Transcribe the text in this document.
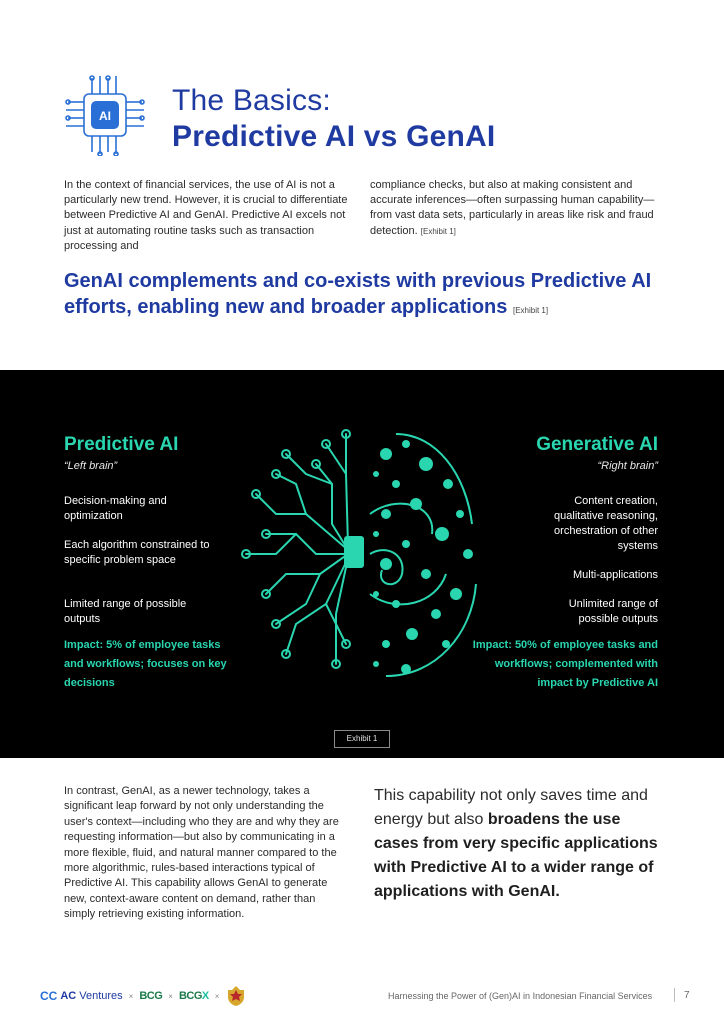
AI The Basics:
Predictive AI vs GenAI

In the context of financial services, the use of AI is not a particularly new trend. However, it is crucial to differentiate between Predictive AI and GenAI. Predictive AI excels not just at automating routine tasks such as transaction processing and

compliance checks, but also at making consistent and accurate inferences—often surpassing human capability—from vast data sets, particularly in areas like risk and fraud detection. [Exhibit 1]

GenAI complements and co-exists with previous Predictive AI efforts, enabling new and broader applications [Exhibit 1]
Predictive AI
“Left brain”
Decision-making and optimization
Each algorithm constrained to specific problem space
Limited range of possible outputs
Impact: 5% of employee tasks and workflows; focuses on key decisions
Generative AI
“Right brain”
Content creation, qualitative reasoning, orchestration of other systems
Multi-applications
Unlimited range of possible outputs
Impact: 50% of employee tasks and workflows; complemented with impact by Predictive AI
Exhibit 1

In contrast, GenAI, as a newer technology, takes a significant leap forward by not only understanding the user's context—including who they are and why they are requesting information—but also by communicating in a more flexible, fluid, and natural manner compared to the more algorithmic, rules-based interactions typical of Predictive AI. This capability allows GenAI to generate new, context-aware content on demand, rather than simply retrieving existing information.

This capability not only saves time and energy but also broadens the use cases from very specific applications with Predictive AI to a wider range of applications with GenAI.

CC AC Ventures × BCG × BCGX ×	Harnessing the Power of (Gen)AI in Indonesian Financial Services	7
